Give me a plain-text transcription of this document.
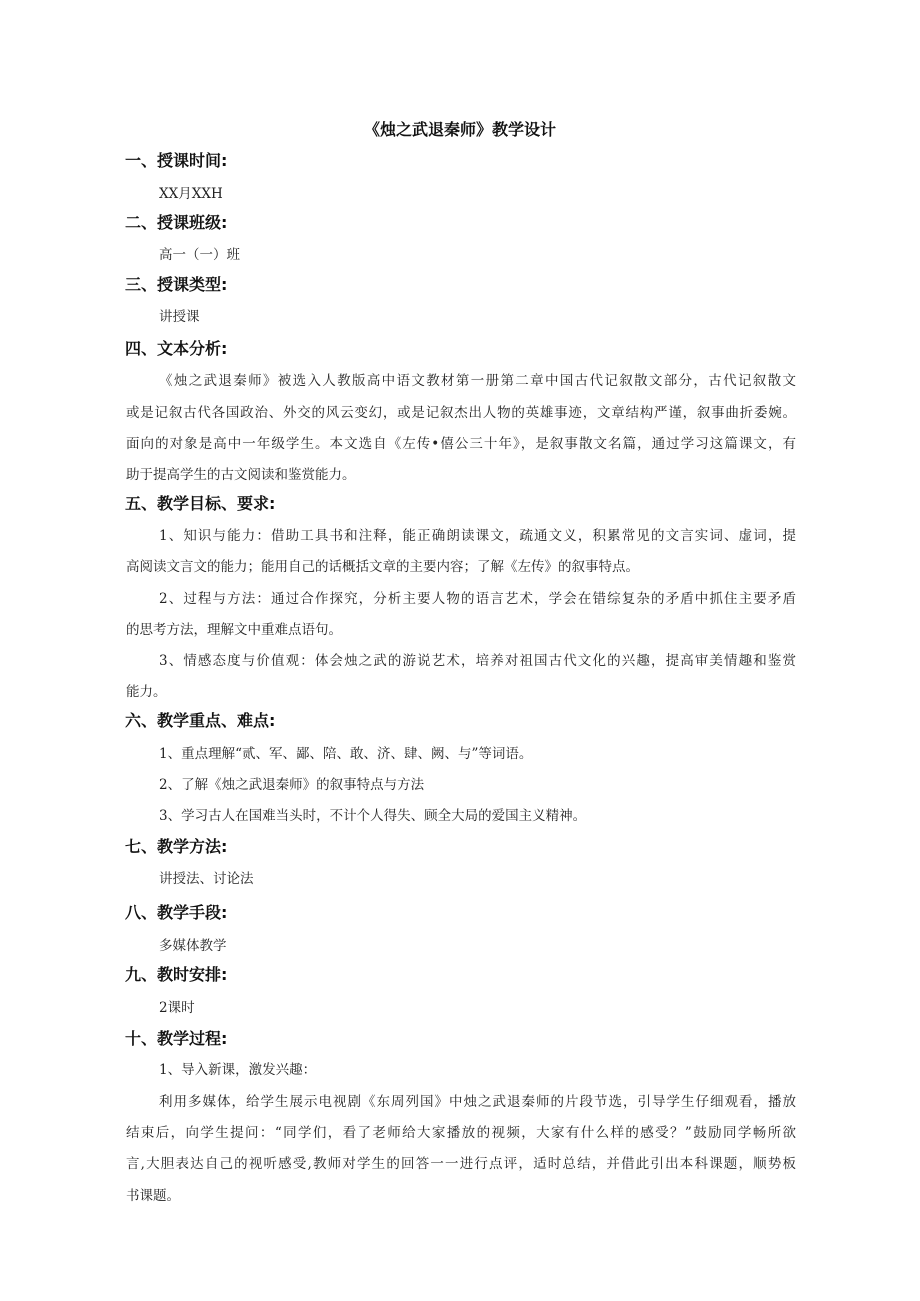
《烛之武退秦师》教学设计
一、授课时间:
XX月XXH
二、授课班级:
高一（一）班
三、授课类型:
讲授课
四、文本分析:
《烛之武退秦师》被选入人教版高中语文教材第一册第二章中国古代记叙散文部分，古代记叙散文
或是记叙古代各国政治、外交的风云变幻，或是记叙杰出人物的英雄事迹，文章结构严谨，叙事曲折委婉。
面向的对象是高中一年级学生。本文选自《左传•僖公三十年》，是叙事散文名篇，通过学习这篇课文，有
助于提高学生的古文阅读和鉴赏能力。
五、教学目标、要求:
1、知识与能力：借助工具书和注释，能正确朗读课文，疏通文义，积累常见的文言实词、虚词，提
高阅读文言文的能力；能用自己的话概括文章的主要内容；了解《左传》的叙事特点。
2、过程与方法：通过合作探究，分析主要人物的语言艺术，学会在错综复杂的矛盾中抓住主要矛盾
的思考方法，理解文中重难点语句。
3、情感态度与价值观：体会烛之武的游说艺术，培养对祖国古代文化的兴趣，提高审美情趣和鉴赏
能力。
六、教学重点、难点:
1、重点理解“贰、军、鄙、陪、敢、济、肆、阙、与”等词语。
2、了解《烛之武退秦师》的叙事特点与方法
3、学习古人在国难当头时，不计个人得失、顾全大局的爱国主义精神。
七、教学方法:
讲授法、讨论法
八、教学手段:
多媒体教学
九、教时安排:
2课时
十、教学过程:
1、导入新课，激发兴趣：
利用多媒体，给学生展示电视剧《东周列国》中烛之武退秦师的片段节选，引导学生仔细观看，播放
结束后，向学生提问：“同学们，看了老师给大家播放的视频，大家有什么样的感受？”鼓励同学畅所欲
言,大胆表达自己的视听感受,教师对学生的回答一一进行点评，适时总结，并借此引出本科课题，顺势板
书课题。
